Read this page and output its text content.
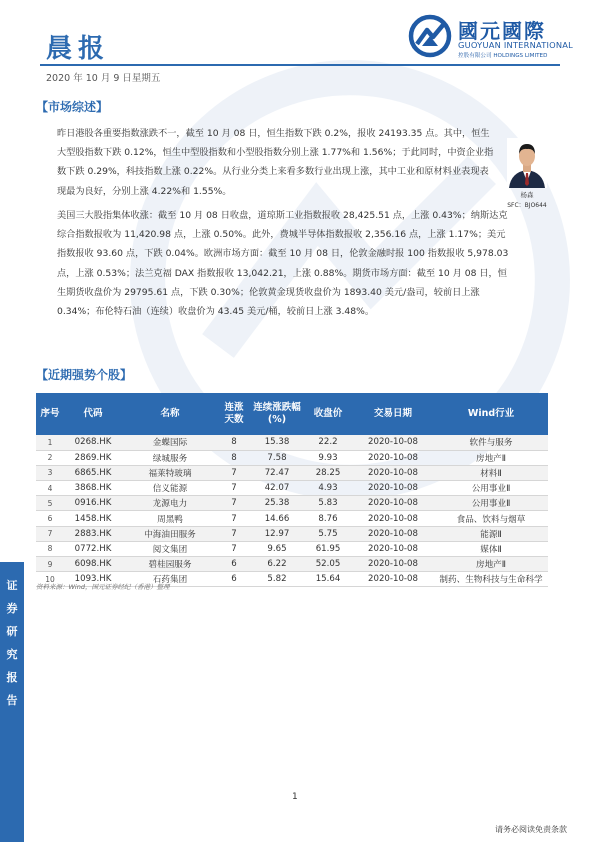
晨报
2020 年 10 月 9 日星期五
國元國際
GUOYUAN INTERNATIONAL
控股有限公司 HOLDINGS LIMITED
【市场综述】

昨日港股各重要指数涨跌不一，截至 10 月 08 日，恒生指数下跌 0.2%，报收 24193.35 点。其中，恒生大型股指数下跌 0.12%，恒生中型股指数和小型股指数分别上涨 1.77%和 1.56%；于此同时，中资企业指数下跌 0.29%，科技指数上涨 0.22%。从行业分类上来看多数行业出现上涨，其中工业和原材料业表现表现最为良好，分别上涨 4.22%和 1.55%。

美国三大股指集体收涨：截至 10 月 08 日收盘，道琼斯工业指数报收 28,425.51 点，上涨 0.43%；纳斯达克综合指数报收为 11,420.98 点，上涨 0.50%。此外，费城半导体指数报收 2,356.16 点，上涨 1.17%；美元指数报收 93.60 点，下跌 0.04%。欧洲市场方面：截至 10 月 08 日，伦敦金融时报 100 指数报收 5,978.03 点，上涨 0.53%；法兰克福 DAX 指数报收 13,042.21，上涨 0.88%。期货市场方面：截至 10 月 08 日，恒生期货收盘价为 29795.61 点，下跌 0.30%；伦敦黄金现货收盘价为 1893.40 美元/盎司，较前日上涨 0.34%；布伦特石油（连续）收盘价为 43.45 美元/桶，较前日上涨 3.48%。

杨森
SFC：BJO644
【近期强势个股】
序号	代码	名称	连涨天数	连续涨跌幅(%)	收盘价	交易日期	Wind行业
1	0268.HK	金蝶国际	8	15.38	22.2	2020-10-08	软件与服务
2	2869.HK	绿城服务	8	7.58	9.93	2020-10-08	房地产Ⅱ
3	6865.HK	福莱特玻璃	7	72.47	28.25	2020-10-08	材料Ⅱ
4	3868.HK	信义能源	7	42.07	4.93	2020-10-08	公用事业Ⅱ
5	0916.HK	龙源电力	7	25.38	5.83	2020-10-08	公用事业Ⅱ
6	1458.HK	周黑鸭	7	14.66	8.76	2020-10-08	食品、饮料与烟草
7	2883.HK	中海油田服务	7	12.97	5.75	2020-10-08	能源Ⅱ
8	0772.HK	阅文集团	7	9.65	61.95	2020-10-08	媒体Ⅱ
9	6098.HK	碧桂园服务	6	6.22	52.05	2020-10-08	房地产Ⅱ
10	1093.HK	石药集团	6	5.82	15.64	2020-10-08	制药、生物科技与生命科学
资料来源：Wind，国元证券经纪（香港）整理
证
券
研
究
报
告
1
请务必阅读免责条款
